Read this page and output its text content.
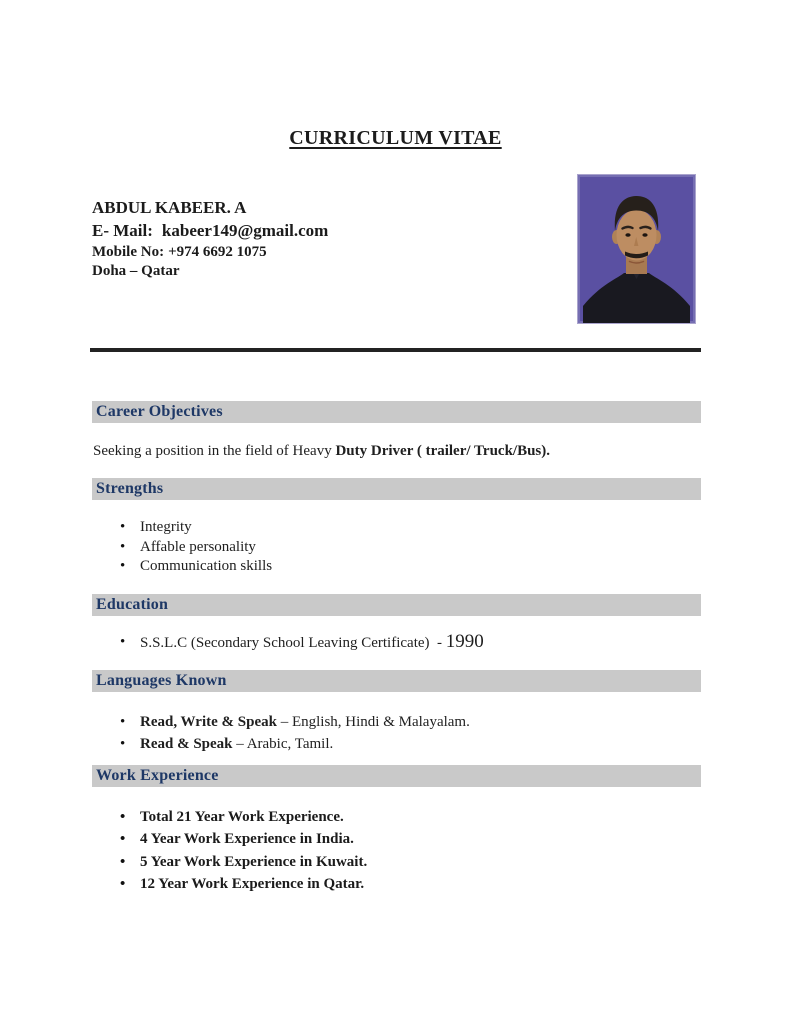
CURRICULUM VITAE
ABDUL KABEER. A
E- Mail: kabeer149@gmail.com
Mobile No: +974 6692 1075
Doha – Qatar
Career Objectives

Seeking a position in the field of Heavy Duty Driver ( trailer/ Truck/Bus).

Strengths
• Integrity
• Affable personality
• Communication skills
Education
• S.S.L.C (Secondary School Leaving Certificate)  - 1990
Languages Known
• Read, Write & Speak – English, Hindi & Malayalam.
• Read & Speak – Arabic, Tamil.
Work Experience
• Total 21 Year Work Experience.
• 4 Year Work Experience in India.
• 5 Year Work Experience in Kuwait.
• 12 Year Work Experience in Qatar.
